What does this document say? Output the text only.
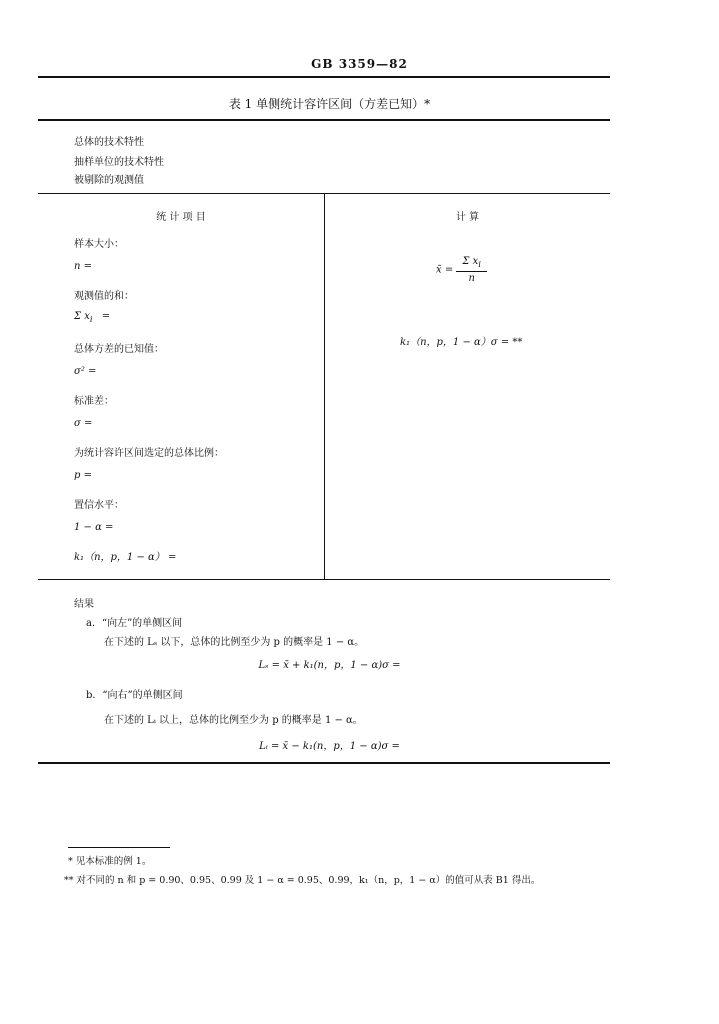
GB 3359—82
表 1 单侧统计容许区间（方差已知）*
总体的技术特性
抽样单位的技术特性
被剔除的观测值
统 计 项 目
样本大小：
n =
观测值的和：
Σ $x_i$ =
总体方差的已知值：
σ² =
标准差：
σ =
为统计容许区间选定的总体比例：
p =
置信水平：
1 − α =
k₁（n，p，1 − α） =
计 算
x̄ = $\frac{\Sigma x_i}{n}$
k₁（n，p，1 − α）σ = **
结果
a．“向左”的单侧区间
在下述的 Lₛ 以下，总体的比例至少为 p 的概率是 1 − α。
Lₛ = x̄ + k₁(n，p，1 − α)σ =
b．“向右”的单侧区间
在下述的 Lᵢ 以上，总体的比例至少为 p 的概率是 1 − α。
Lᵢ = x̄ − k₁(n，p，1 − α)σ =
* 见本标准的例 1。
** 对不同的 n 和 p = 0.90、0.95、0.99 及 1 − α = 0.95、0.99，k₁（n，p，1 − α）的值可从表 B1 得出。
